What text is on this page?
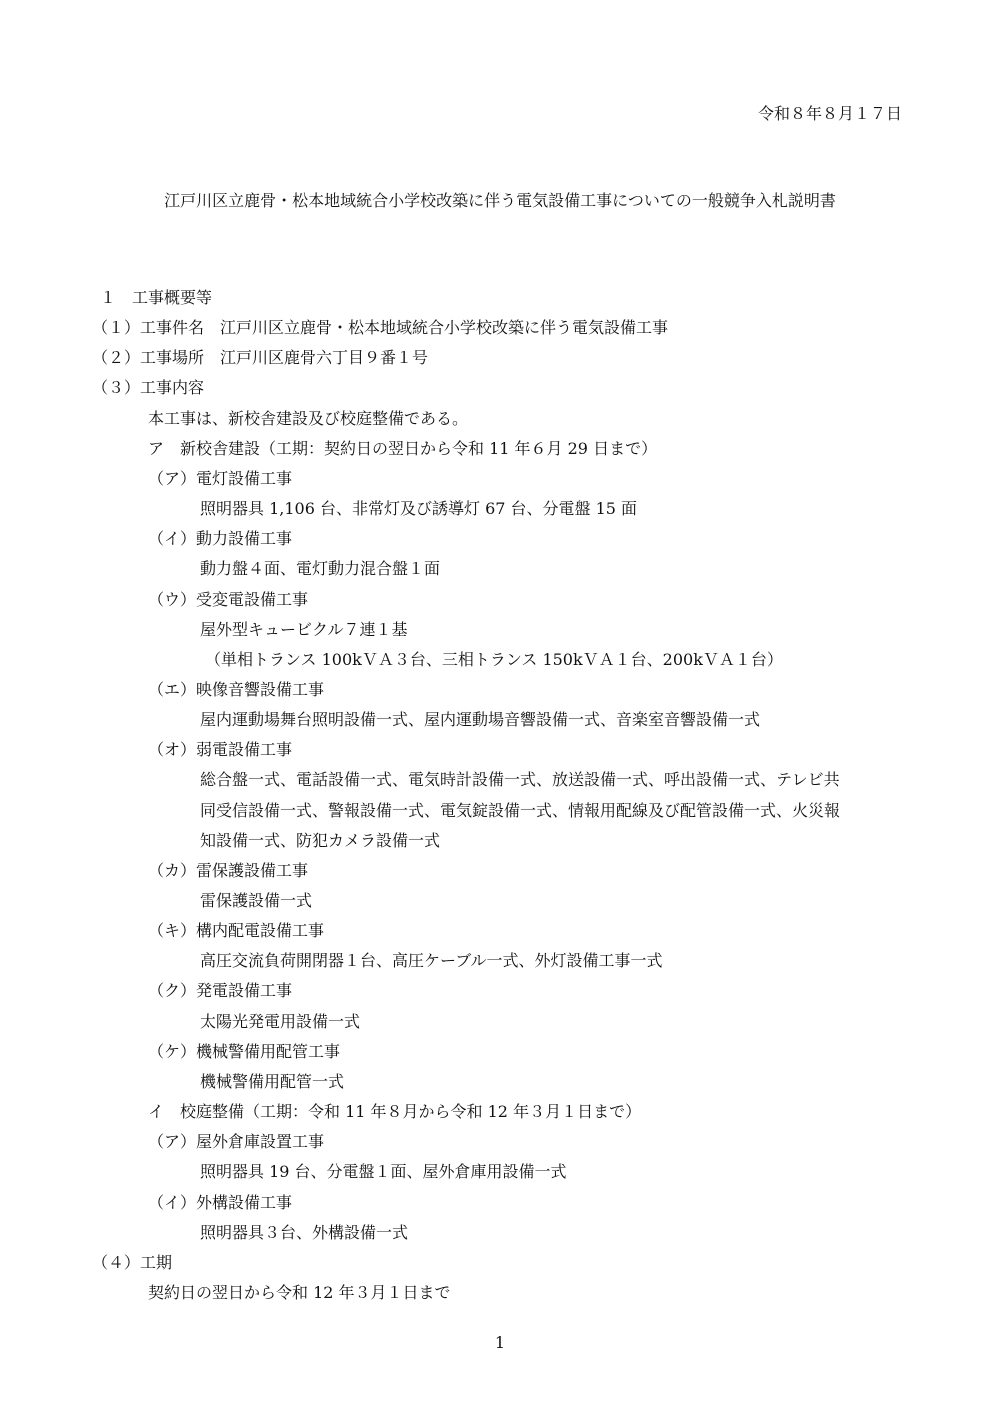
令和８年８月１７日
江戸川区立鹿骨・松本地域統合小学校改築に伴う電気設備工事についての一般競争入札説明書
１　工事概要等
（１）工事件名　江戸川区立鹿骨・松本地域統合小学校改築に伴う電気設備工事
（２）工事場所　江戸川区鹿骨六丁目９番１号
（３）工事内容
本工事は、新校舎建設及び校庭整備である。
ア　新校舎建設（工期：契約日の翌日から令和 11 年６月 29 日まで）
（ア）電灯設備工事
照明器具 1,106 台、非常灯及び誘導灯 67 台、分電盤 15 面
（イ）動力設備工事
動力盤４面、電灯動力混合盤１面
（ウ）受変電設備工事
屋外型キュービクル７連１基
（単相トランス 100kＶＡ３台、三相トランス 150kＶＡ１台、200kＶＡ１台）
（エ）映像音響設備工事
屋内運動場舞台照明設備一式、屋内運動場音響設備一式、音楽室音響設備一式
（オ）弱電設備工事
総合盤一式、電話設備一式、電気時計設備一式、放送設備一式、呼出設備一式、テレビ共
同受信設備一式、警報設備一式、電気錠設備一式、情報用配線及び配管設備一式、火災報
知設備一式、防犯カメラ設備一式
（カ）雷保護設備工事
雷保護設備一式
（キ）構内配電設備工事
高圧交流負荷開閉器１台、高圧ケーブル一式、外灯設備工事一式
（ク）発電設備工事
太陽光発電用設備一式
（ケ）機械警備用配管工事
機械警備用配管一式
イ　校庭整備（工期：令和 11 年８月から令和 12 年３月１日まで）
（ア）屋外倉庫設置工事
照明器具 19 台、分電盤１面、屋外倉庫用設備一式
（イ）外構設備工事
照明器具３台、外構設備一式
（４）工期
契約日の翌日から令和 12 年３月１日まで
1
